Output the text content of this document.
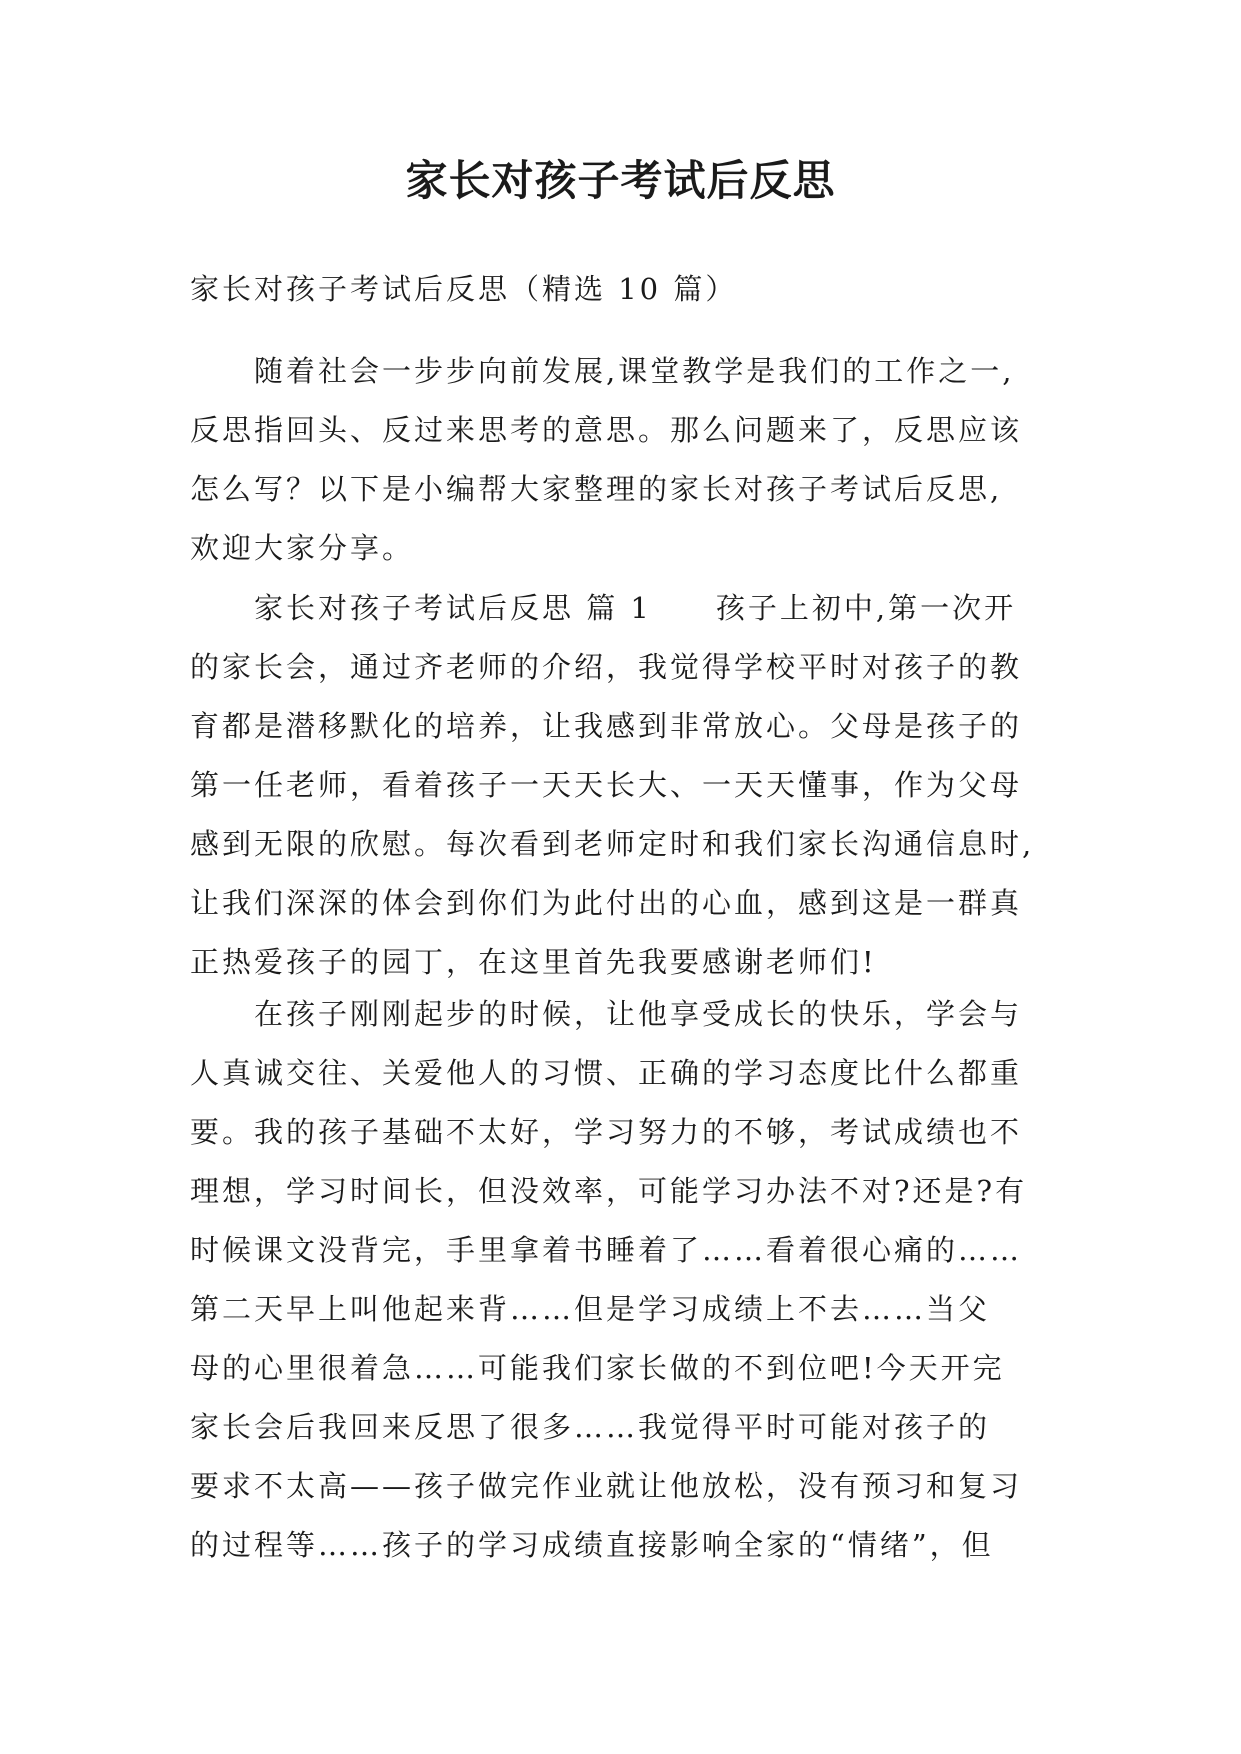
家长对孩子考试后反思

家长对孩子考试后反思（精选 10 篇）

　　随着社会一步步向前发展,课堂教学是我们的工作之一,
反思指回头、反过来思考的意思。那么问题来了，反思应该
怎么写？以下是小编帮大家整理的家长对孩子考试后反思,
欢迎大家分享。
　　家长对孩子考试后反思 篇 1　　孩子上初中,第一次开
的家长会，通过齐老师的介绍，我觉得学校平时对孩子的教
育都是潜移默化的培养，让我感到非常放心。父母是孩子的
第一任老师，看着孩子一天天长大、一天天懂事，作为父母
感到无限的欣慰。每次看到老师定时和我们家长沟通信息时,
让我们深深的体会到你们为此付出的心血，感到这是一群真
正热爱孩子的园丁，在这里首先我要感谢老师们!
　　在孩子刚刚起步的时候，让他享受成长的快乐，学会与
人真诚交往、关爱他人的习惯、正确的学习态度比什么都重
要。我的孩子基础不太好，学习努力的不够，考试成绩也不
理想，学习时间长，但没效率，可能学习办法不对?还是?有
时候课文没背完，手里拿着书睡着了……看着很心痛的……
第二天早上叫他起来背……但是学习成绩上不去……当父
母的心里很着急……可能我们家长做的不到位吧!今天开完
家长会后我回来反思了很多……我觉得平时可能对孩子的
要求不太高——孩子做完作业就让他放松，没有预习和复习
的过程等……孩子的学习成绩直接影响全家的“情绪”，但
